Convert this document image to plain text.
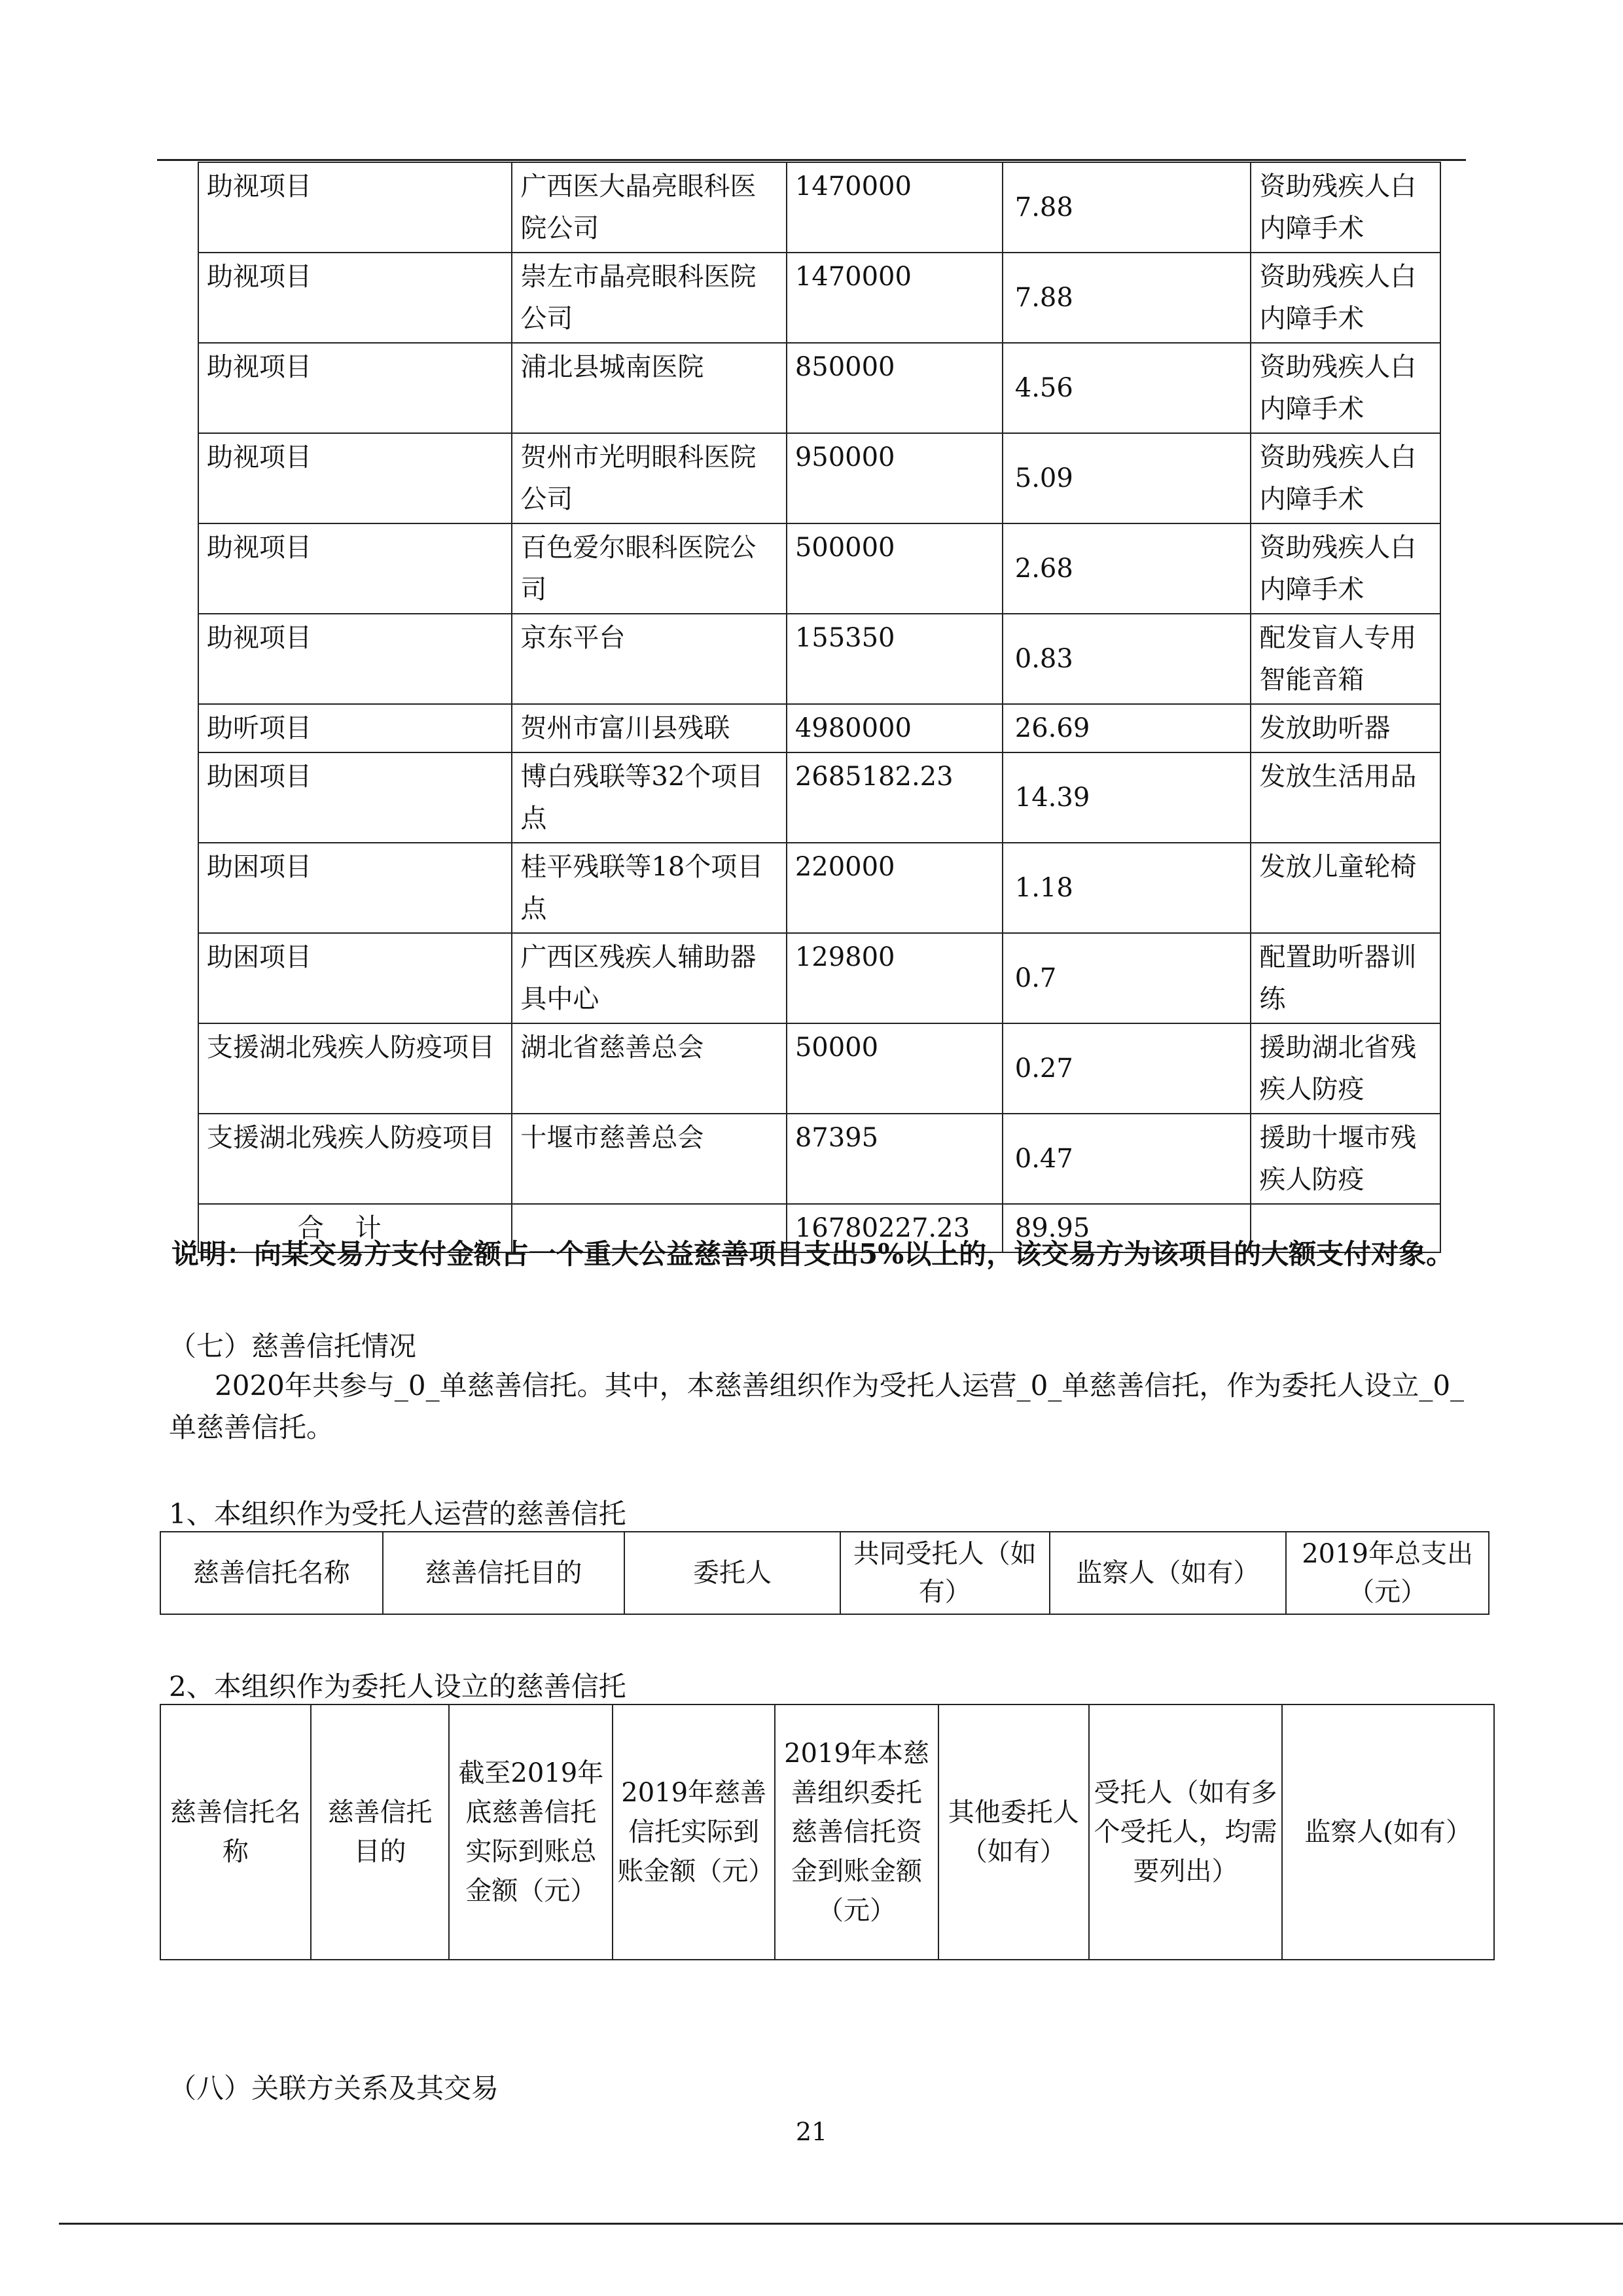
助视项目	广西医大晶亮眼科医院公司	1470000	7.88	资助残疾人白内障手术
助视项目	崇左市晶亮眼科医院公司	1470000	7.88	资助残疾人白内障手术
助视项目	浦北县城南医院	850000	4.56	资助残疾人白内障手术
助视项目	贺州市光明眼科医院公司	950000	5.09	资助残疾人白内障手术
助视项目	百色爱尔眼科医院公司	500000	2.68	资助残疾人白内障手术
助视项目	京东平台	155350	0.83	配发盲人专用智能音箱
助听项目	贺州市富川县残联	4980000	26.69	发放助听器
助困项目	博白残联等32个项目点	2685182.23	14.39	发放生活用品
助困项目	桂平残联等18个项目点	220000	1.18	发放儿童轮椅
助困项目	广西区残疾人辅助器具中心	129800	0.7	配置助听器训练
支援湖北残疾人防疫项目	湖北省慈善总会	50000	0.27	援助湖北省残疾人防疫
支援湖北残疾人防疫项目	十堰市慈善总会	87395	0.47	援助十堰市残疾人防疫
合计		16780227.23	89.95	
说明：向某交易方支付金额占一个重大公益慈善项目支出5%以上的，该交易方为该项目的大额支付对象。
（七）慈善信托情况
2020年共参与_0_单慈善信托。其中，本慈善组织作为受托人运营_0_单慈善信托，作为委托人设立_0_单慈善信托。
1、本组织作为受托人运营的慈善信托
慈善信托名称	慈善信托目的	委托人	共同受托人（如有）	监察人（如有）	2019年总支出（元）
2、本组织作为委托人设立的慈善信托
慈善信托名称	慈善信托目的	截至2019年底慈善信托实际到账总金额（元）	2019年慈善信托实际到账金额（元）	2019年本慈善组织委托慈善信托资金到账金额（元）	其他委托人（如有）	受托人（如有多个受托人，均需要列出）	监察人(如有）
（八）关联方关系及其交易
21
